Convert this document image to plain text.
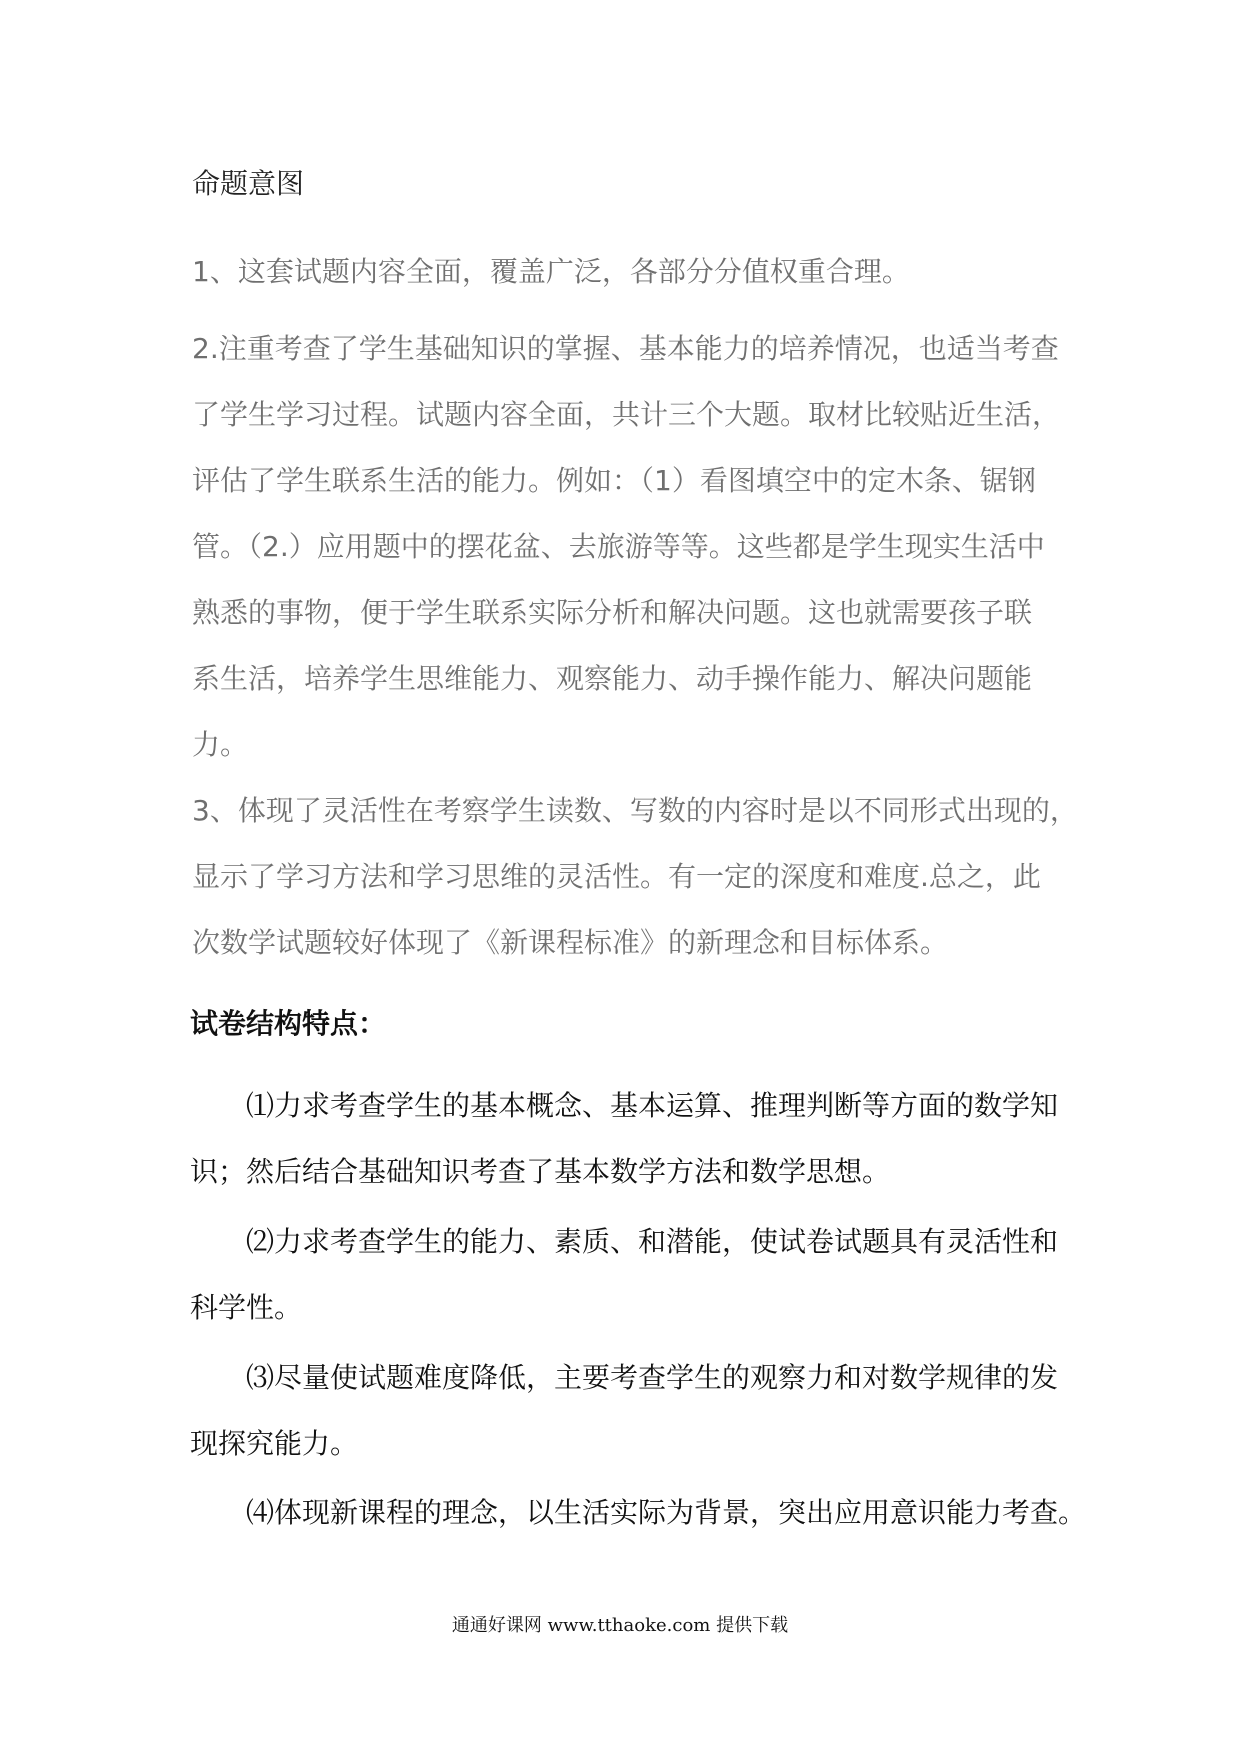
命题意图
1、这套试题内容全面，覆盖广泛，各部分分值权重合理。
2.注重考查了学生基础知识的掌握、基本能力的培养情况，也适当考查
了学生学习过程。试题内容全面，共计三个大题。取材比较贴近生活，
评估了学生联系生活的能力。例如：（1）看图填空中的定木条、锯钢
管。（2.）应用题中的摆花盆、去旅游等等。这些都是学生现实生活中
熟悉的事物，便于学生联系实际分析和解决问题。这也就需要孩子联
系生活，培养学生思维能力、观察能力、动手操作能力、解决问题能
力。
3、体现了灵活性在考察学生读数、写数的内容时是以不同形式出现的，
显示了学习方法和学习思维的灵活性。有一定的深度和难度.总之，此
次数学试题较好体现了《新课程标准》的新理念和目标体系。
试卷结构特点：
⑴力求考查学生的基本概念、基本运算、推理判断等方面的数学知
识；然后结合基础知识考查了基本数学方法和数学思想。
⑵力求考查学生的能力、素质、和潜能，使试卷试题具有灵活性和
科学性。
⑶尽量使试题难度降低，主要考查学生的观察力和对数学规律的发
现探究能力。
⑷体现新课程的理念，以生活实际为背景，突出应用意识能力考查。
通通好课网 www.tthaoke.com 提供下载
